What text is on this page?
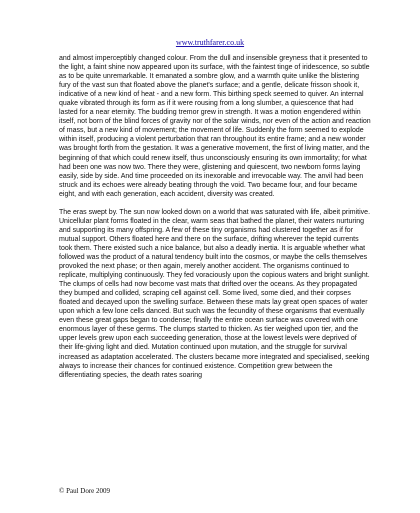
www.truthfarer.co.uk

and almost imperceptibly changed colour. From the dull and insensible greyness that it presented to the light, a faint shine now appeared upon its surface, with the faintest tinge of iridescence, so subtle as to be quite unremarkable. It emanated a sombre glow, and a warmth quite unlike the blistering fury of the vast sun that floated above the planet's surface; and a gentle, delicate frisson shook it, indicative of a new kind of heat - and a new form. This birthing speck seemed to quiver. An internal quake vibrated through its form as if it were rousing from a long slumber, a quiescence that had lasted for a near eternity. The budding tremor grew in strength. It was a motion engendered within itself, not born of the blind forces of gravity nor of the solar winds, nor even of the action and reaction of mass, but a new kind of movement; the movement of life. Suddenly the form seemed to explode within itself, producing a violent perturbation that ran throughout its entire frame; and a new wonder was brought forth from the gestation. It was a generative movement, the first of living matter, and the beginning of that which could renew itself, thus unconsciously ensuring its own immortality; for what had been one was now two. There they were, glistening and quiescent, two newborn forms laying easily, side by side. And time proceeded on its inexorable and irrevocable way. The anvil had been struck and its echoes were already beating through the void. Two became four, and four became eight, and with each generation, each accident, diversity was created.

The eras swept by. The sun now looked down on a world that was saturated with life, albeit primitive. Unicellular plant forms floated in the clear, warm seas that bathed the planet, their waters nurturing and supporting its many offspring. A few of these tiny organisms had clustered together as if for mutual support. Others floated here and there on the surface, drifting wherever the tepid currents took them. There existed such a nice balance, but also a deadly inertia. It is arguable whether what followed was the product of a natural tendency built into the cosmos, or maybe the cells themselves provoked the next phase; or then again, merely another accident. The organisms continued to replicate, multiplying continuously. They fed voraciously upon the copious waters and bright sunlight. The clumps of cells had now become vast mats that drifted over the oceans. As they propagated they bumped and collided, scraping cell against cell. Some lived, some died, and their corpses floated and decayed upon the swelling surface. Between these mats lay great open spaces of water upon which a few lone cells danced. But such was the fecundity of these organisms that eventually even these great gaps began to condense; finally the entire ocean surface was covered with one enormous layer of these germs. The clumps started to thicken. As tier weighed upon tier, and the upper levels grew upon each succeeding generation, those at the lowest levels were deprived of their life-giving light and died. Mutation continued upon mutation, and the struggle for survival increased as adaptation accelerated. The clusters became more integrated and specialised, seeking always to increase their chances for continued existence. Competition grew between the differentiating species, the death rates soaring

© Paul Dore 2009
